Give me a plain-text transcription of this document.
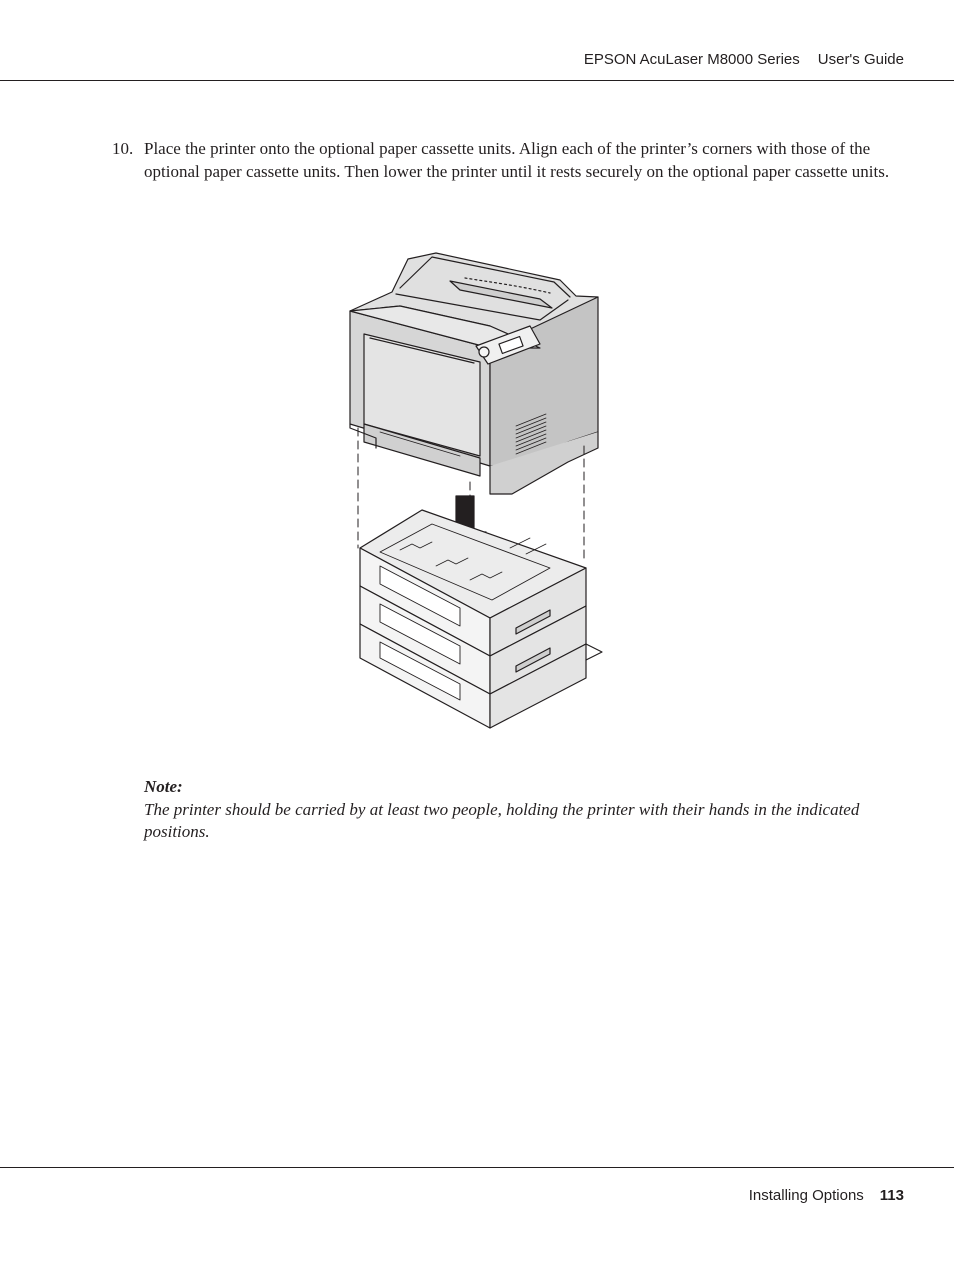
EPSON AcuLaser M8000 Series User's Guide
10. Place the printer onto the optional paper cassette units. Align each of the printer’s corners with those of the optional paper cassette units. Then lower the printer until it rests securely on the optional paper cassette units.
Note:
The printer should be carried by at least two people, holding the printer with their hands in the indicated positions.
Installing Options 113
